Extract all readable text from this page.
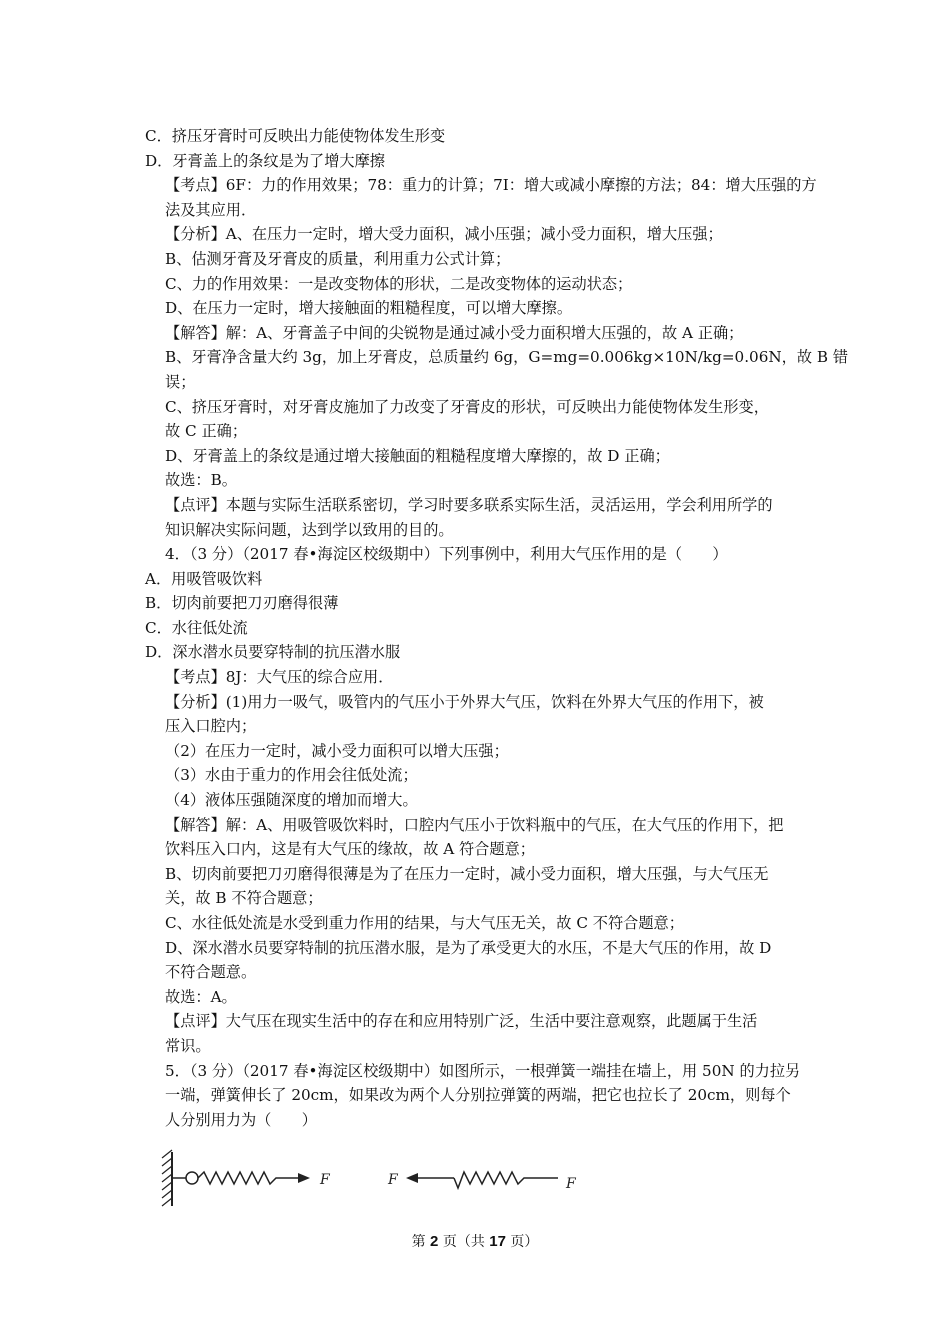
C．挤压牙膏时可反映出力能使物体发生形变
D．牙膏盖上的条纹是为了增大摩擦
【考点】6F：力的作用效果；78：重力的计算；7I：增大或减小摩擦的方法；84：增大压强的方
法及其应用．
【分析】A、在压力一定时，增大受力面积，减小压强；减小受力面积，增大压强；
B、估测牙膏及牙膏皮的质量，利用重力公式计算；
C、力的作用效果：一是改变物体的形状，二是改变物体的运动状态；
D、在压力一定时，增大接触面的粗糙程度，可以增大摩擦。
【解答】解：A、牙膏盖子中间的尖锐物是通过减小受力面积增大压强的，故 A 正确；
B、牙膏净含量大约 3g，加上牙膏皮，总质量约 6g，G=mg=0.006kg×10N/kg=0.06N，故 B 错
误；
C、挤压牙膏时，对牙膏皮施加了力改变了牙膏皮的形状，可反映出力能使物体发生形变，
故 C 正确；
D、牙膏盖上的条纹是通过增大接触面的粗糙程度增大摩擦的，故 D 正确；
故选：B。
【点评】本题与实际生活联系密切，学习时要多联系实际生活，灵活运用，学会利用所学的
知识解决实际问题，达到学以致用的目的。
4．（3 分）（2017 春•海淀区校级期中）下列事例中，利用大气压作用的是（　　）
A．用吸管吸饮料
B．切肉前要把刀刃磨得很薄
C．水往低处流
D．深水潜水员要穿特制的抗压潜水服
【考点】8J：大气压的综合应用．
【分析】(1)用力一吸气，吸管内的气压小于外界大气压，饮料在外界大气压的作用下，被
压入口腔内；
（2）在压力一定时，减小受力面积可以增大压强；
（3）水由于重力的作用会往低处流；
（4）液体压强随深度的增加而增大。
【解答】解：A、用吸管吸饮料时，口腔内气压小于饮料瓶中的气压，在大气压的作用下，把
饮料压入口内，这是有大气压的缘故，故 A 符合题意；
B、切肉前要把刀刃磨得很薄是为了在压力一定时，减小受力面积，增大压强，与大气压无
关，故 B 不符合题意；
C、水往低处流是水受到重力作用的结果，与大气压无关，故 C 不符合题意；
D、深水潜水员要穿特制的抗压潜水服，是为了承受更大的水压，不是大气压的作用，故 D
不符合题意。
故选：A。
【点评】大气压在现实生活中的存在和应用特别广泛，生活中要注意观察，此题属于生活
常识。
5．（3 分）（2017 春•海淀区校级期中）如图所示，一根弹簧一端挂在墙上，用 50N 的力拉另
一端，弹簧伸长了 20cm，如果改为两个人分别拉弹簧的两端，把它也拉长了 20cm，则每个
人分别用力为（　　）
F	F	F
第 2 页（共 17 页）
